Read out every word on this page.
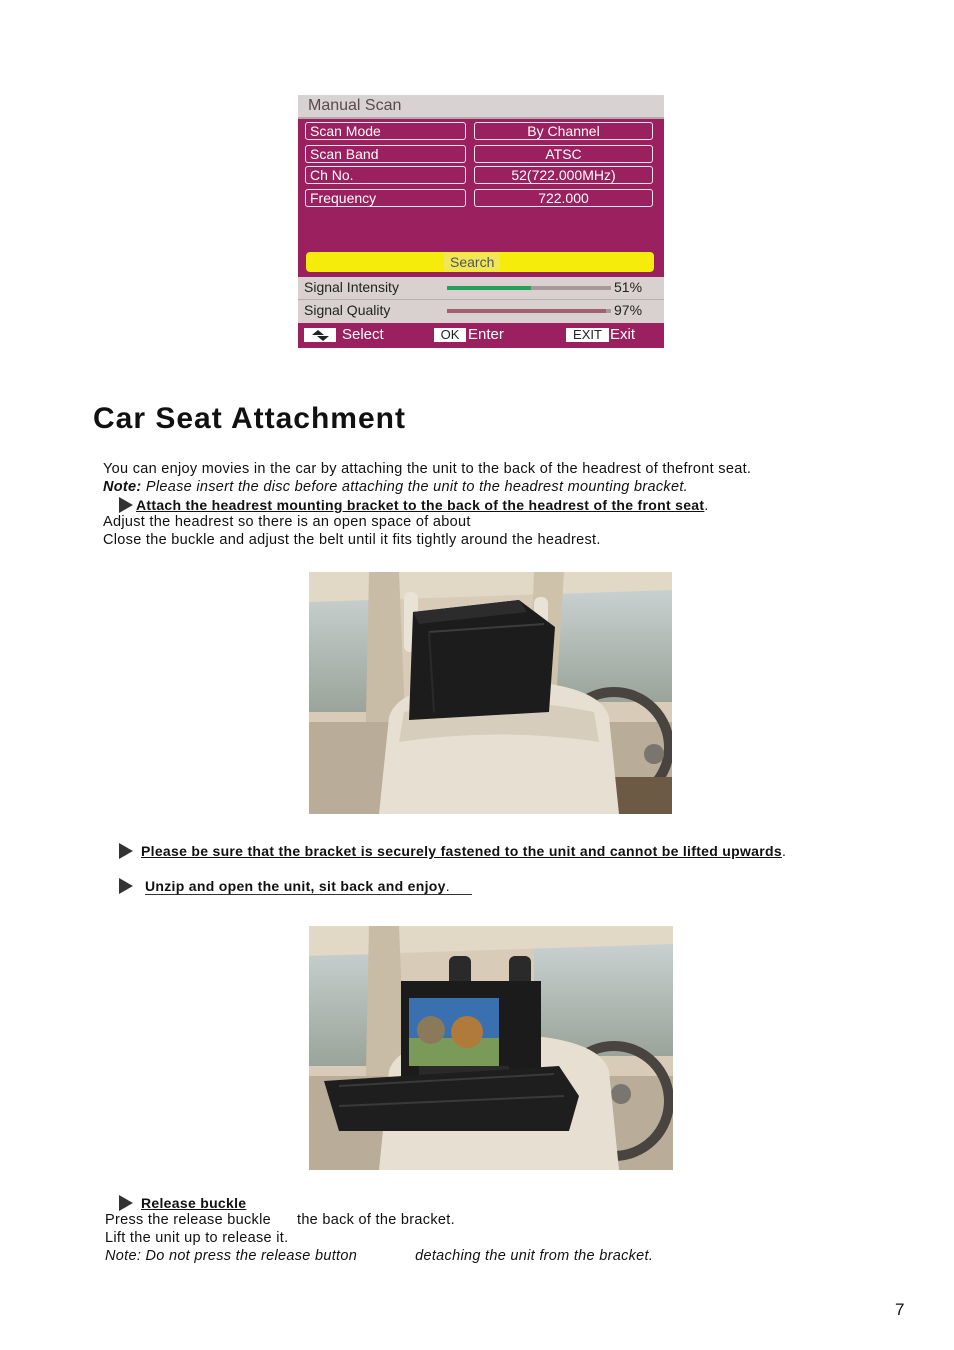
Manual Scan
Scan Mode	By Channel
Scan Band	ATSC
Ch No.	52(722.000MHz)
Frequency	722.000
Search
Signal Intensity	51%
Signal Quality	97%
Select	OK Enter	EXIT Exit
Car Seat Attachment
You can enjoy movies in the car by attaching the unit to the back of the headrest of thefront seat.
Note: Please insert the disc before attaching the unit to the headrest mounting bracket.
Attach the headrest mounting bracket to the back of the headrest of the front seat.
Adjust the headrest so there is an open space of about
Close the buckle and adjust the belt until it fits tightly around the headrest.
Please be sure that the bracket is securely fastened to the unit and cannot be lifted upwards.
Unzip and open the unit, sit back and enjoy.
Release buckle
Press the release buckle the back of the bracket.
Lift the unit up to release it.
Note: Do not press the release button	detaching the unit from the bracket.
7
